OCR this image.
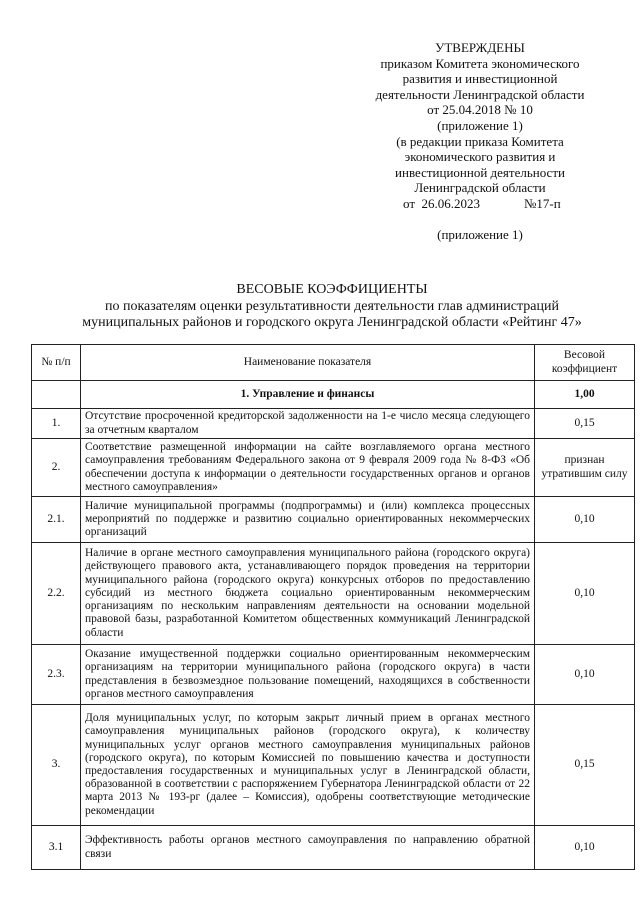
УТВЕРЖДЕНЫ
приказом Комитета экономического
развития и инвестиционной
деятельности Ленинградской области
от 25.04.2018 № 10
(приложение 1)
(в редакции приказа Комитета
экономического развития и
инвестиционной деятельности
Ленинградской области
от 26.06.2023	№17-п
(приложение 1)
ВЕСОВЫЕ КОЭФФИЦИЕНТЫ
по показателям оценки результативности деятельности глав администраций
муниципальных районов и городского округа Ленинградской области «Рейтинг 47»
№ п/п	Наименование показателя	Весовой коэффициент
	1. Управление и финансы	1,00
1.	Отсутствие просроченной кредиторской задолженности на 1-е число месяца следующего за отчетным кварталом	0,15
2.	Соответствие размещенной информации на сайте возглавляемого органа местного самоуправления требованиям Федерального закона от 9 февраля 2009 года № 8-ФЗ «Об обеспечении доступа к информации о деятельности государственных органов и органов местного самоуправления»	признан утратившим силу
2.1.	Наличие муниципальной программы (подпрограммы) и (или) комплекса процессных мероприятий по поддержке и развитию социально ориентированных некоммерческих организаций	0,10
2.2.	Наличие в органе местного самоуправления муниципального района (городского округа) действующего правового акта, устанавливающего порядок проведения на территории муниципального района (городского округа) конкурсных отборов по предоставлению субсидий из местного бюджета социально ориентированным некоммерческим организациям по нескольким направлениям деятельности на основании модельной правовой базы, разработанной Комитетом общественных коммуникаций Ленинградской области	0,10
2.3.	Оказание имущественной поддержки социально ориентированным некоммерческим организациям на территории муниципального района (городского округа) в части представления в безвозмездное пользование помещений, находящихся в собственности органов местного самоуправления	0,10
3.	Доля муниципальных услуг, по которым закрыт личный прием в органах местного самоуправления муниципальных районов (городского округа), к количеству муниципальных услуг органов местного самоуправления муниципальных районов (городского округа), по которым Комиссией по повышению качества и доступности предоставления государственных и муниципальных услуг в Ленинградской области, образованной в соответствии с распоряжением Губернатора Ленинградской области от 22 марта 2013 № 193-рг (далее – Комиссия), одобрены соответствующие методические рекомендации	0,15
3.1	Эффективность работы органов местного самоуправления по направлению обратной связи	0,10
